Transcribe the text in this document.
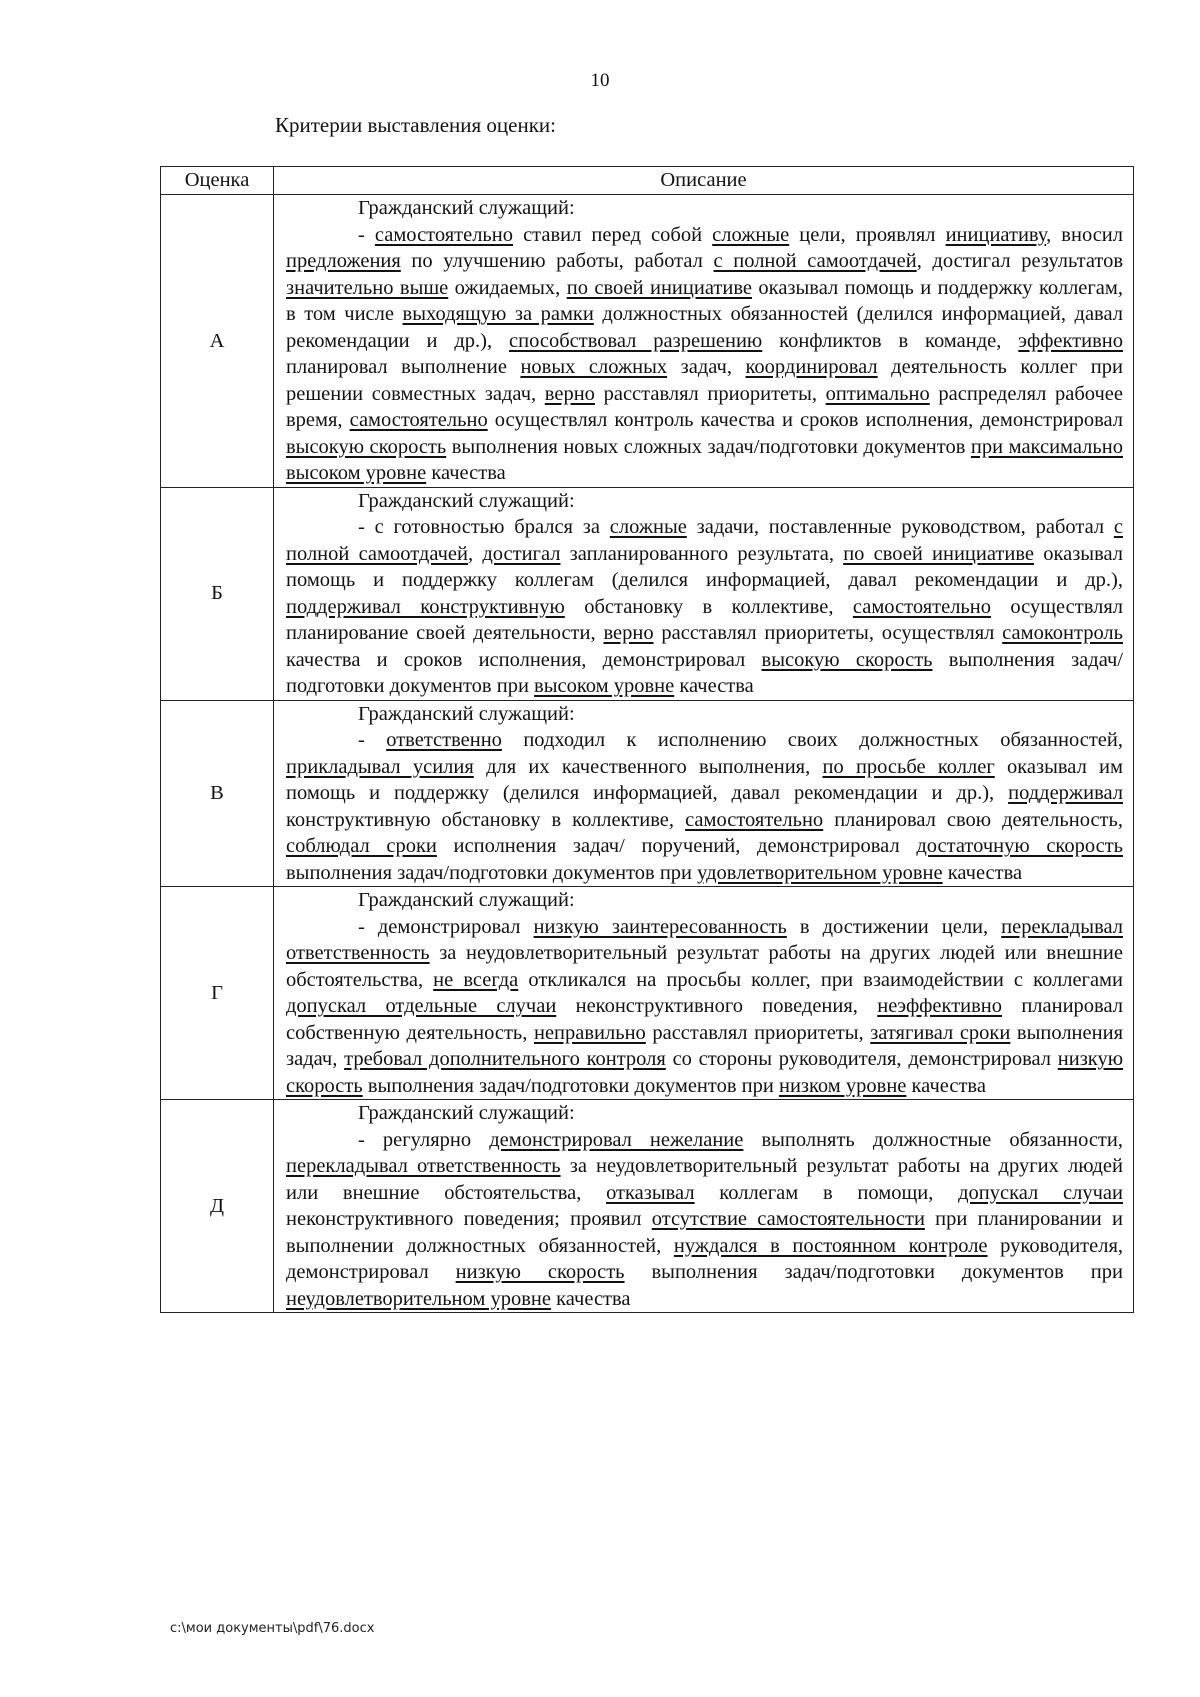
10
Критерии выставления оценки:
Оценка	Описание
А	Гражданский служащий:
- самостоятельно ставил перед собой сложные цели, проявлял инициативу, вносил предложения по улучшению работы, работал с полной самоотдачей, достигал результатов значительно выше ожидаемых, по своей инициативе оказывал помощь и поддержку коллегам, в том числе выходящую за рамки должностных обязанностей (делился информацией, давал рекомендации и др.), способствовал разрешению конфликтов в команде, эффективно планировал выполнение новых сложных задач, координировал деятельность коллег при решении совместных задач, верно расставлял приоритеты, оптимально распределял рабочее время, самостоятельно осуществлял контроль качества и сроков исполнения, демонстрировал высокую скорость выполнения новых сложных задач/подготовки документов при максимально высоком уровне качества

Б	Гражданский служащий:
- с готовностью брался за сложные задачи, поставленные руководством, работал с полной самоотдачей, достигал запланированного результата, по своей инициативе оказывал помощь и поддержку коллегам (делился информацией, давал рекомендации и др.), поддерживал конструктивную обстановку в коллективе, самостоятельно осуществлял планирование своей деятельности, верно расставлял приоритеты, осуществлял самоконтроль качества и сроков исполнения, демонстрировал высокую скорость выполнения задач/подготовки документов при высоком уровне качества

В	Гражданский служащий:
- ответственно подходил к исполнению своих должностных обязанностей, прикладывал усилия для их качественного выполнения, по просьбе коллег оказывал им помощь и поддержку (делился информацией, давал рекомендации и др.), поддерживал конструктивную обстановку в коллективе, самостоятельно планировал свою деятельность, соблюдал сроки исполнения задач/ поручений, демонстрировал достаточную скорость выполнения задач/подготовки документов при удовлетворительном уровне качества

Г	Гражданский служащий:
- демонстрировал низкую заинтересованность в достижении цели, перекладывал ответственность за неудовлетворительный результат работы на других людей или внешние обстоятельства, не всегда откликался на просьбы коллег, при взаимодействии с коллегами допускал отдельные случаи неконструктивного поведения, неэффективно планировал собственную деятельность, неправильно расставлял приоритеты, затягивал сроки выполнения задач, требовал дополнительного контроля со стороны руководителя, демонстрировал низкую скорость выполнения задач/подготовки документов при низком уровне качества

Д	Гражданский служащий:
- регулярно демонстрировал нежелание выполнять должностные обязанности, перекладывал ответственность за неудовлетворительный результат работы на других людей или внешние обстоятельства, отказывал коллегам в помощи, допускал случаи неконструктивного поведения; проявил отсутствие самостоятельности при планировании и выполнении должностных обязанностей, нуждался в постоянном контроле руководителя, демонстрировал низкую скорость выполнения задач/подготовки документов при неудовлетворительном уровне качества
c:\мои документы\pdf\76.docx
